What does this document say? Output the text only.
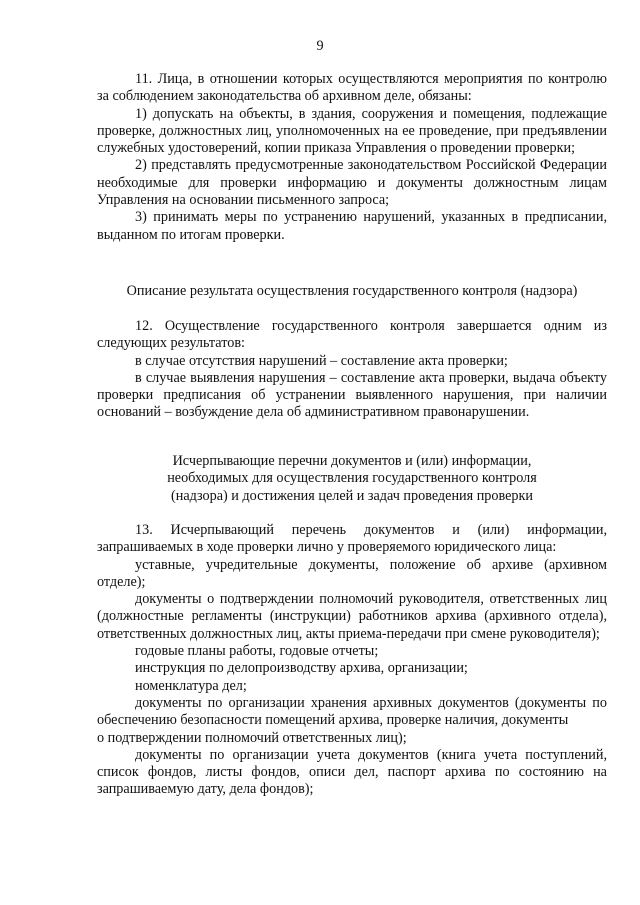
9

11. Лица, в отношении которых осуществляются мероприятия по контролю за соблюдением законодательства об архивном деле, обязаны:

1) допускать на объекты, в здания, сооружения и помещения, подлежащие проверке, должностных лиц, уполномоченных на ее проведение, при предъявлении служебных удостоверений, копии приказа Управления о проведении проверки;

2) представлять предусмотренные законодательством Российской Федерации необходимые для проверки информацию и документы должностным лицам Управления на основании письменного запроса;

3) принимать меры по устранению нарушений, указанных в предписании, выданном по итогам проверки.

Описание результата осуществления государственного контроля (надзора)

12. Осуществление государственного контроля завершается одним из следующих результатов:

в случае отсутствия нарушений – составление акта проверки;

в случае выявления нарушения – составление акта проверки, выдача объекту проверки предписания об устранении выявленного нарушения, при наличии оснований – возбуждение дела об административном правонарушении.

Исчерпывающие перечни документов и (или) информации,

необходимых для осуществления государственного контроля

(надзора) и достижения целей и задач проведения проверки

13. Исчерпывающий перечень документов и (или) информации, запрашиваемых в ходе проверки лично у проверяемого юридического лица:

уставные, учредительные документы, положение об архиве (архивном отделе);

документы о подтверждении полномочий руководителя, ответственных лиц (должностные регламенты (инструкции) работников архива (архивного отдела), ответственных должностных лиц, акты приема-передачи при смене руководителя);

годовые планы работы, годовые отчеты;

инструкция по делопроизводству архива, организации;

номенклатура дел;

документы по организации хранения архивных документов (документы по обеспечению безопасности помещений архива, проверке наличия, документы

о подтверждении полномочий ответственных лиц);

документы по организации учета документов (книга учета поступлений, список фондов, листы фондов, описи дел, паспорт архива по состоянию на запрашиваемую дату, дела фондов);
